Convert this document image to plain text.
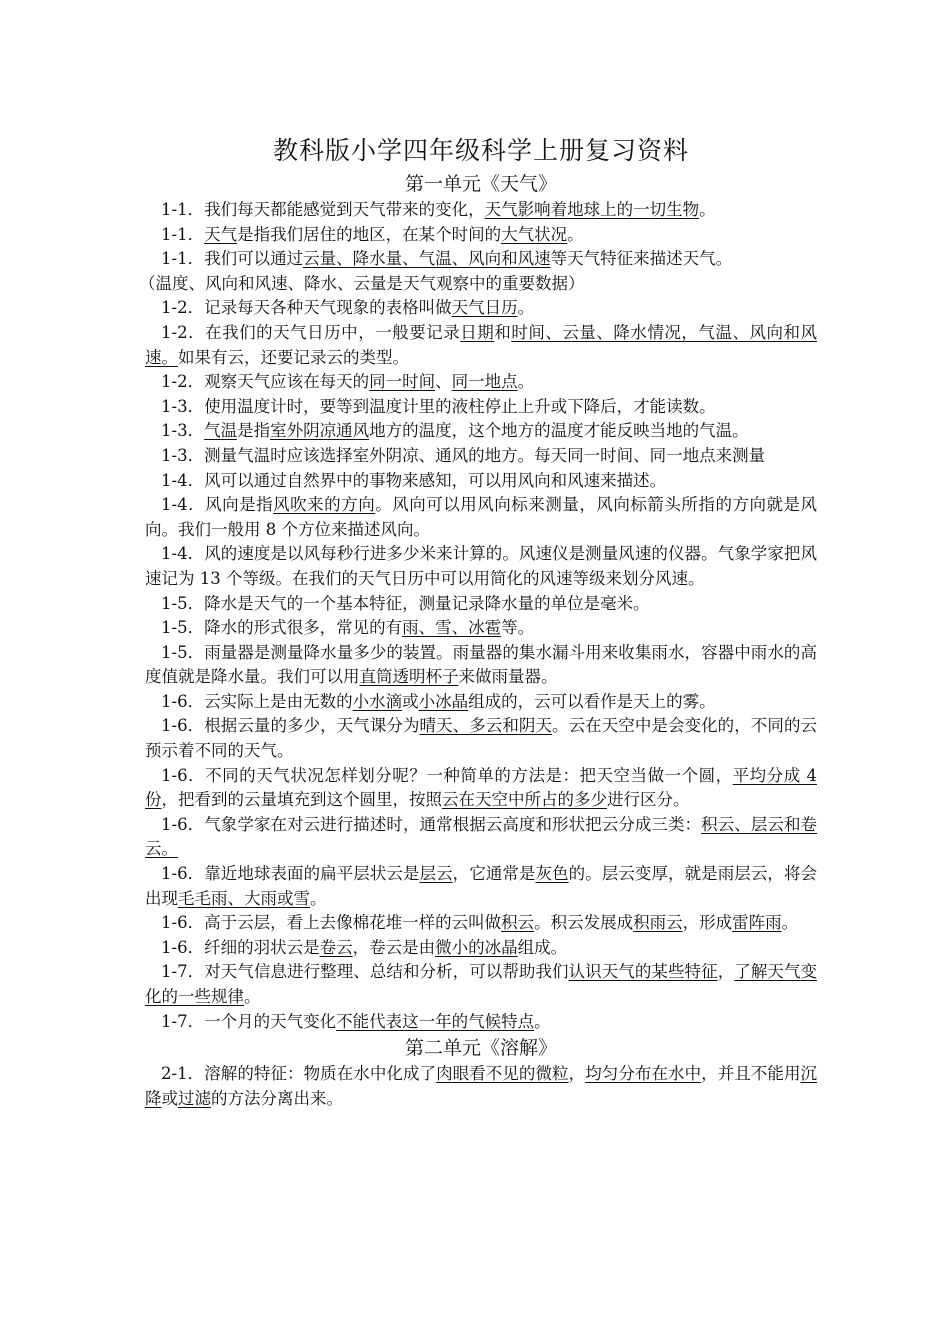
教科版小学四年级科学上册复习资料
第一单元《天气》
1-1．我们每天都能感觉到天气带来的变化，天气影响着地球上的一切生物。
1-1．天气是指我们居住的地区，在某个时间的大气状况。
1-1．我们可以通过云量、降水量、气温、风向和风速等天气特征来描述天气。
（温度、风向和风速、降水、云量是天气观察中的重要数据）
1-2．记录每天各种天气现象的表格叫做天气日历。
1-2．在我们的天气日历中，一般要记录日期和时间、云量、降水情况，气温、风向和风速。如果有云，还要记录云的类型。
1-2．观察天气应该在每天的同一时间、同一地点。
1-3．使用温度计时，要等到温度计里的液柱停止上升或下降后，才能读数。
1-3．气温是指室外阴凉通风地方的温度，这个地方的温度才能反映当地的气温。
1-3．测量气温时应该选择室外阴凉、通风的地方。每天同一时间、同一地点来测量
1-4．风可以通过自然界中的事物来感知，可以用风向和风速来描述。
1-4．风向是指风吹来的方向。风向可以用风向标来测量，风向标箭头所指的方向就是风向。我们一般用 8 个方位来描述风向。
1-4．风的速度是以风每秒行进多少米来计算的。风速仪是测量风速的仪器。气象学家把风速记为 13 个等级。在我们的天气日历中可以用简化的风速等级来划分风速。
1-5．降水是天气的一个基本特征，测量记录降水量的单位是毫米。
1-5．降水的形式很多，常见的有雨、雪、冰雹等。
1-5．雨量器是测量降水量多少的装置。雨量器的集水漏斗用来收集雨水，容器中雨水的高度值就是降水量。我们可以用直筒透明杯子来做雨量器。
1-6．云实际上是由无数的小水滴或小冰晶组成的，云可以看作是天上的雾。
1-6．根据云量的多少，天气课分为晴天、多云和阴天。云在天空中是会变化的，不同的云预示着不同的天气。
1-6．不同的天气状况怎样划分呢？一种简单的方法是：把天空当做一个圆，平均分成 4 份，把看到的云量填充到这个圆里，按照云在天空中所占的多少进行区分。
1-6．气象学家在对云进行描述时，通常根据云高度和形状把云分成三类：积云、层云和卷云。
1-6．靠近地球表面的扁平层状云是层云，它通常是灰色的。层云变厚，就是雨层云，将会出现毛毛雨、大雨或雪。
1-6．高于云层，看上去像棉花堆一样的云叫做积云。积云发展成积雨云，形成雷阵雨。
1-6．纤细的羽状云是卷云，卷云是由微小的冰晶组成。
1-7．对天气信息进行整理、总结和分析，可以帮助我们认识天气的某些特征，了解天气变化的一些规律。
1-7．一个月的天气变化不能代表这一年的气候特点。
第二单元《溶解》
2-1．溶解的特征：物质在水中化成了肉眼看不见的微粒，均匀分布在水中，并且不能用沉降或过滤的方法分离出来。
